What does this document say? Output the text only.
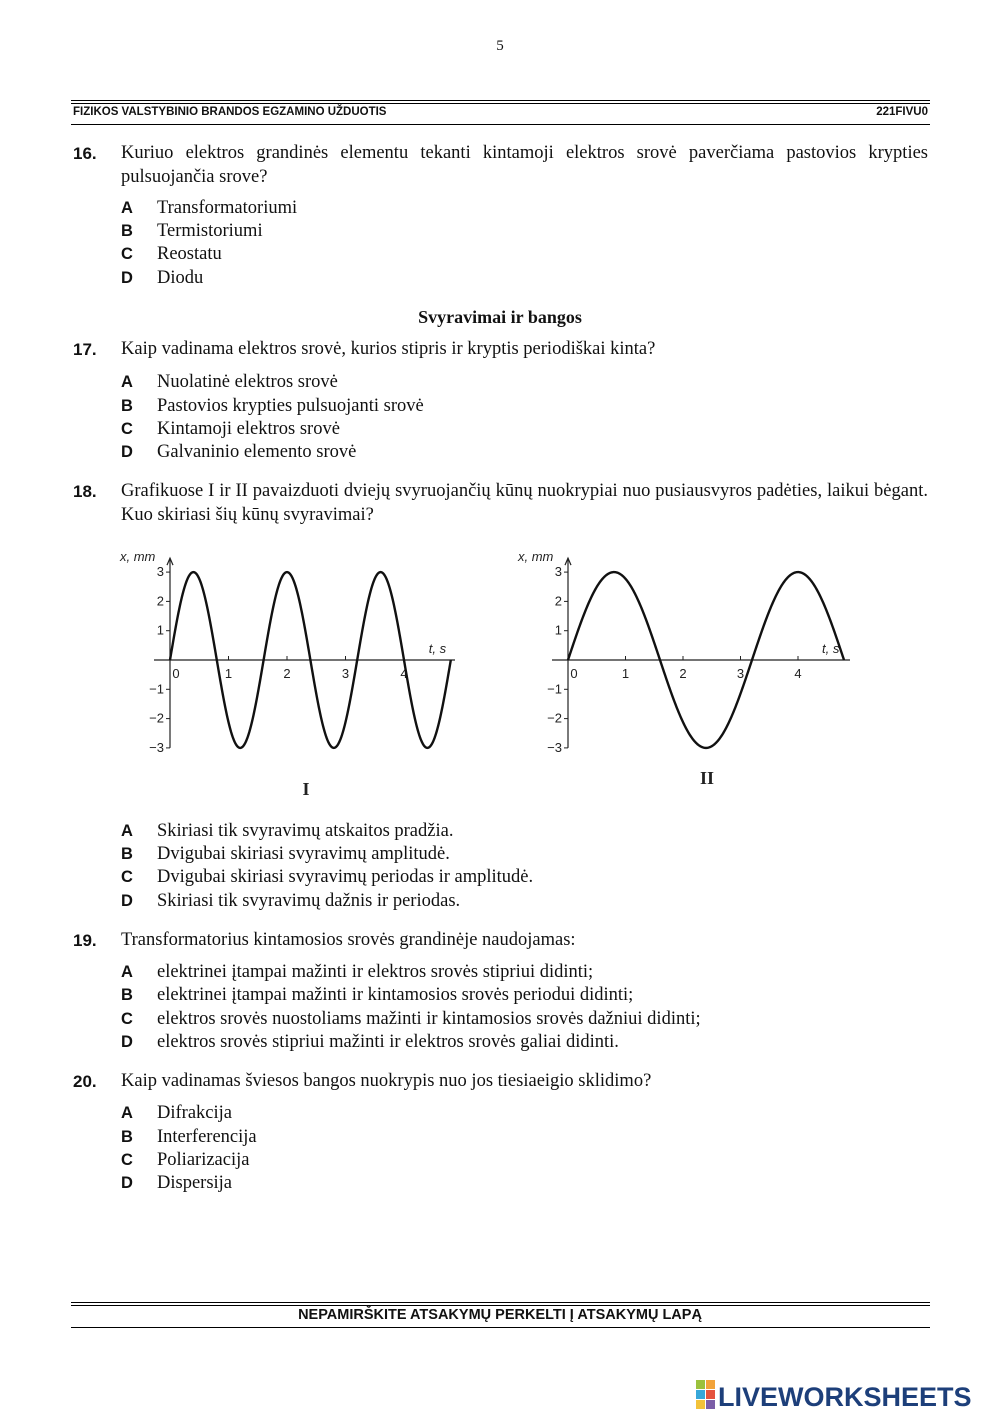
5
FIZIKOS VALSTYBINIO BRANDOS EGZAMINO UŽDUOTIS	221FIVU0
16. Kuriuo elektros grandinės elementu tekanti kintamoji elektros srovė paverčiama pastovios krypties pulsuojančia srove?
A Transformatoriumi
B Termistoriumi
C Reostatu
D Diodu
Svyravimai ir bangos
17. Kaip vadinama elektros srovė, kurios stipris ir kryptis periodiškai kinta?
A Nuolatinė elektros srovė
B Pastovios krypties pulsuojanti srovė
C Kintamoji elektros srovė
D Galvaninio elemento srovė
18. Grafikuose I ir II pavaizduoti dviejų svyruojančių kūnų nuokrypiai nuo pusiausvyros padėties, laikui bėgant. Kuo skiriasi šių kūnų svyravimai?
3
2
1
−1
−2
−3
0	1	2	3	4
x, mm
t, s
I
3
2
1
−1
−2
−3
0	1	2	3	4
x, mm
t, s
II
A Skiriasi tik svyravimų atskaitos pradžia.
B Dvigubai skiriasi svyravimų amplitudė.
C Dvigubai skiriasi svyravimų periodas ir amplitudė.
D Skiriasi tik svyravimų dažnis ir periodas.
19. Transformatorius kintamosios srovės grandinėje naudojamas:
A elektrinei įtampai mažinti ir elektros srovės stipriui didinti;
B elektrinei įtampai mažinti ir kintamosios srovės periodui didinti;
C elektros srovės nuostoliams mažinti ir kintamosios srovės dažniui didinti;
D elektros srovės stipriui mažinti ir elektros srovės galiai didinti.
20. Kaip vadinamas šviesos bangos nuokrypis nuo jos tiesiaeigio sklidimo?
A Difrakcija
B Interferencija
C Poliarizacija
D Dispersija
NEPAMIRŠKITE ATSAKYMŲ PERKELTI Į ATSAKYMŲ LAPĄ
LIVEWORKSHEETS
